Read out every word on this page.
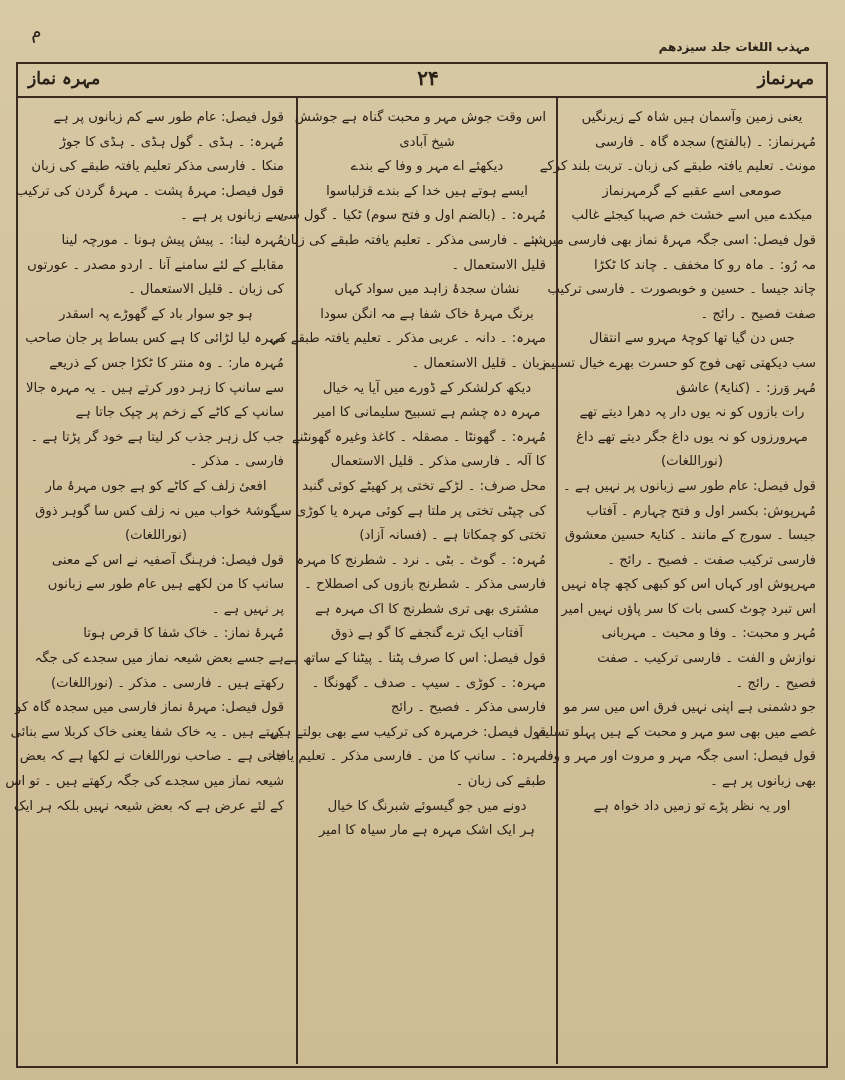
م
مہذب اللغات جلد سیزدھم
مہرنماز
۲۴
مہرہ نماز
یعنی زمین وآسمان ہیں شاہ کے زیرنگیں
مُہرنماز: ۔ (بالفتح) سجدہ گاہ ۔ فارسی
مونث۔ تعلیم یافتہ طبقے کی زبان۔ تربت بلند کرکے
صومعی اسے عقبے کے گرمہرنماز
میکدے میں اسے خشت خم صہبا کیجئے غالب
قول فیصل: اسی جگہ مہرۂ نماز بھی فارسی میں ہے
مہ رُو: ۔ ماہ رو کا مخفف ۔ چاند کا ٹکڑا
چاند جیسا ۔ حسین و خوبصورت ۔ فارسی ترکیب
صفت فصیح ۔ رائج ۔
جس دن گیا تھا کوچۂ مہرو سے انتقال
سب دیکھتی تھی فوج کو حسرت بھرے خیال تسلیم
مُہر وَرز: ۔ (کنایۃً) عاشق
رات بازوں کو نہ یوں دار پہ دھرا دیتے تھے
مہرورزوں کو نہ یوں داغ جگر دیتے تھے داغ
(نوراللغات)
قول فیصل: عام طور سے زبانوں پر نہیں ہے ۔
مُہرپوش: بکسر اول و فتح چہارم ۔ آفتاب
جیسا ۔ سورج کے مانند ۔ کنایۃً حسین معشوق
فارسی ترکیب صفت ۔ فصیح ۔ رائج ۔
مہرپوش اور کہاں اس کو کبھی کچھ چاہ نہیں
اس تبرد چوٹ کسی بات کا سر پاؤں نہیں امیر
مُہر و محبت: ۔ وفا و محبت ۔ مہربانی
نوازش و الفت ۔ فارسی ترکیب ۔ صفت
فصیح ۔ رائج ۔
جو دشمنی ہے اپنی نہیں فرق اس میں سر مو
غصے میں بھی سو مہر و محبت کے ہیں پہلو تسلیم
قول فیصل: اسی جگہ مہر و مروت اور مہر و وفا
بھی زبانوں پر ہے ۔
اور یہ نظر پڑے تو زمیں داد خواہ ہے
اس وقت جوش مہر و محبت گناہ ہے جوشش
شیخ آبادی
دیکھئے اے مہر و وفا کے بندے
ایسے ہوتے ہیں خدا کے بندے قزلباسوا
مُہرہ: ۔ (بالضم اول و فتح سوم) ٹکیا ۔ گول سی
شئے ۔ فارسی مذکر ۔ تعلیم یافتہ طبقے کی زبان
قلیل الاستعمال ۔
نشان سجدۂ زاہد میں سواد کہاں
برنگ مہرۂ خاک شفا ہے مہ انگن سودا
مہرہ: ۔ دانہ ۔ عربی مذکر ۔ تعلیم یافتہ طبقے کی
زبان ۔ قلیل الاستعمال ۔
دیکھ کرلشکر کے ڈورے میں آیا یہ خیال
مہرہ دہ چشم ہے تسبیح سلیمانی کا امیر
مُہرہ: ۔ گھونٹا ۔ مصقلہ ۔ کاغذ وغیرہ گھونٹنے
کا آلہ ۔ فارسی مذکر ۔ قلیل الاستعمال
محل صرف: ۔ لڑکے تختی پر کھیٹے کوئی گنبد
کی چپٹی تختی پر ملتا ہے کوئی مہرہ یا کوڑی سے
تختی کو چمکاتا ہے ۔ (فسانہ آزاد)
مُہرہ: ۔ گوٹ ۔ بٹی ۔ نرد ۔ شطرنج کا مہرہ
فارسی مذکر ۔ شطرنج بازوں کی اصطلاح ۔
مشتری بھی تری شطرنج کا اک مہرہ ہے
آفتاب ایک ترے گنجفے کا گو ہے ذوق
قول فیصل: اس کا صرف پٹنا ۔ پیٹنا کے ساتھ ہے
مہرہ: ۔ کوڑی ۔ سیپ ۔ صدف ۔ گھونگا ۔
فارسی مذکر ۔ فصیح ۔ رائج
قول فیصل: خرمہرہ کی ترکیب سے بھی بولتے ہیں
مہرہ: ۔ سانپ کا من ۔ فارسی مذکر ۔ تعلیم یافتہ
طبقے کی زبان ۔
دونے میں جو گیسوئے شبرنگ کا خیال
ہر ایک اشک مہرہ ہے مار سیاہ کا امیر
قول فیصل: عام طور سے کم زبانوں پر ہے
مُہرہ: ۔ ہڈی ۔ گول ہڈی ۔ ہڈی کا جوڑ
منکا ۔ فارسی مذکر تعلیم یافتہ طبقے کی زبان
قول فیصل: مہرۂ پشت ۔ مہرۂ گردن کی ترکیب
سے زبانوں پر ہے ۔
مُہرہ لینا: ۔ پیش پیش ہونا ۔ مورچہ لینا
مقابلے کے لئے سامنے آنا ۔ اردو مصدر ۔ عورتوں
کی زبان ۔ قلیل الاستعمال ۔
ہو جو سوار باد کے گھوڑے پہ اسقدر
مہرہ لیا لڑائی کا ہے کس بساط پر جان صاحب
مُہرہ مار: ۔ وہ منتر کا ٹکڑا جس کے ذریعے
سے سانپ کا زہر دور کرتے ہیں ۔ یہ مہرہ جالا
سانپ کے کاٹے کے زخم پر چپک جاتا ہے
جب کل زہر جذب کر لیتا ہے خود گر پڑتا ہے ۔
فارسی ۔ مذکر ۔
افعیٔ زلف کے کاٹے کو ہے جوں مہرۂ مار
گوشۂ خواب میں نہ زلف کس سا گوہر ذوق
(نوراللغات)
قول فیصل: فرہنگ آصفیہ نے اس کے معنی
سانپ کا من لکھے ہیں عام طور سے زبانوں
پر نہیں ہے ۔
مُہرۂ نماز: ۔ خاک شفا کا قرص ہوتا
ہے جسے بعض شیعہ نماز میں سجدے کی جگہ
رکھتے ہیں ۔ فارسی ۔ مذکر ۔ (نوراللغات)
قول فیصل: مہرۂ نماز فارسی میں سجدہ گاہ کو
کہتے ہیں ۔ یہ خاک شفا یعنی خاک کربلا سے بنائی
جاتی ہے ۔ صاحب نوراللغات نے لکھا ہے کہ بعض
شیعہ نماز میں سجدے کی جگہ رکھتے ہیں ۔ تو اس
کے لئے عرض ہے کہ بعض شیعہ نہیں بلکہ ہر ایک
